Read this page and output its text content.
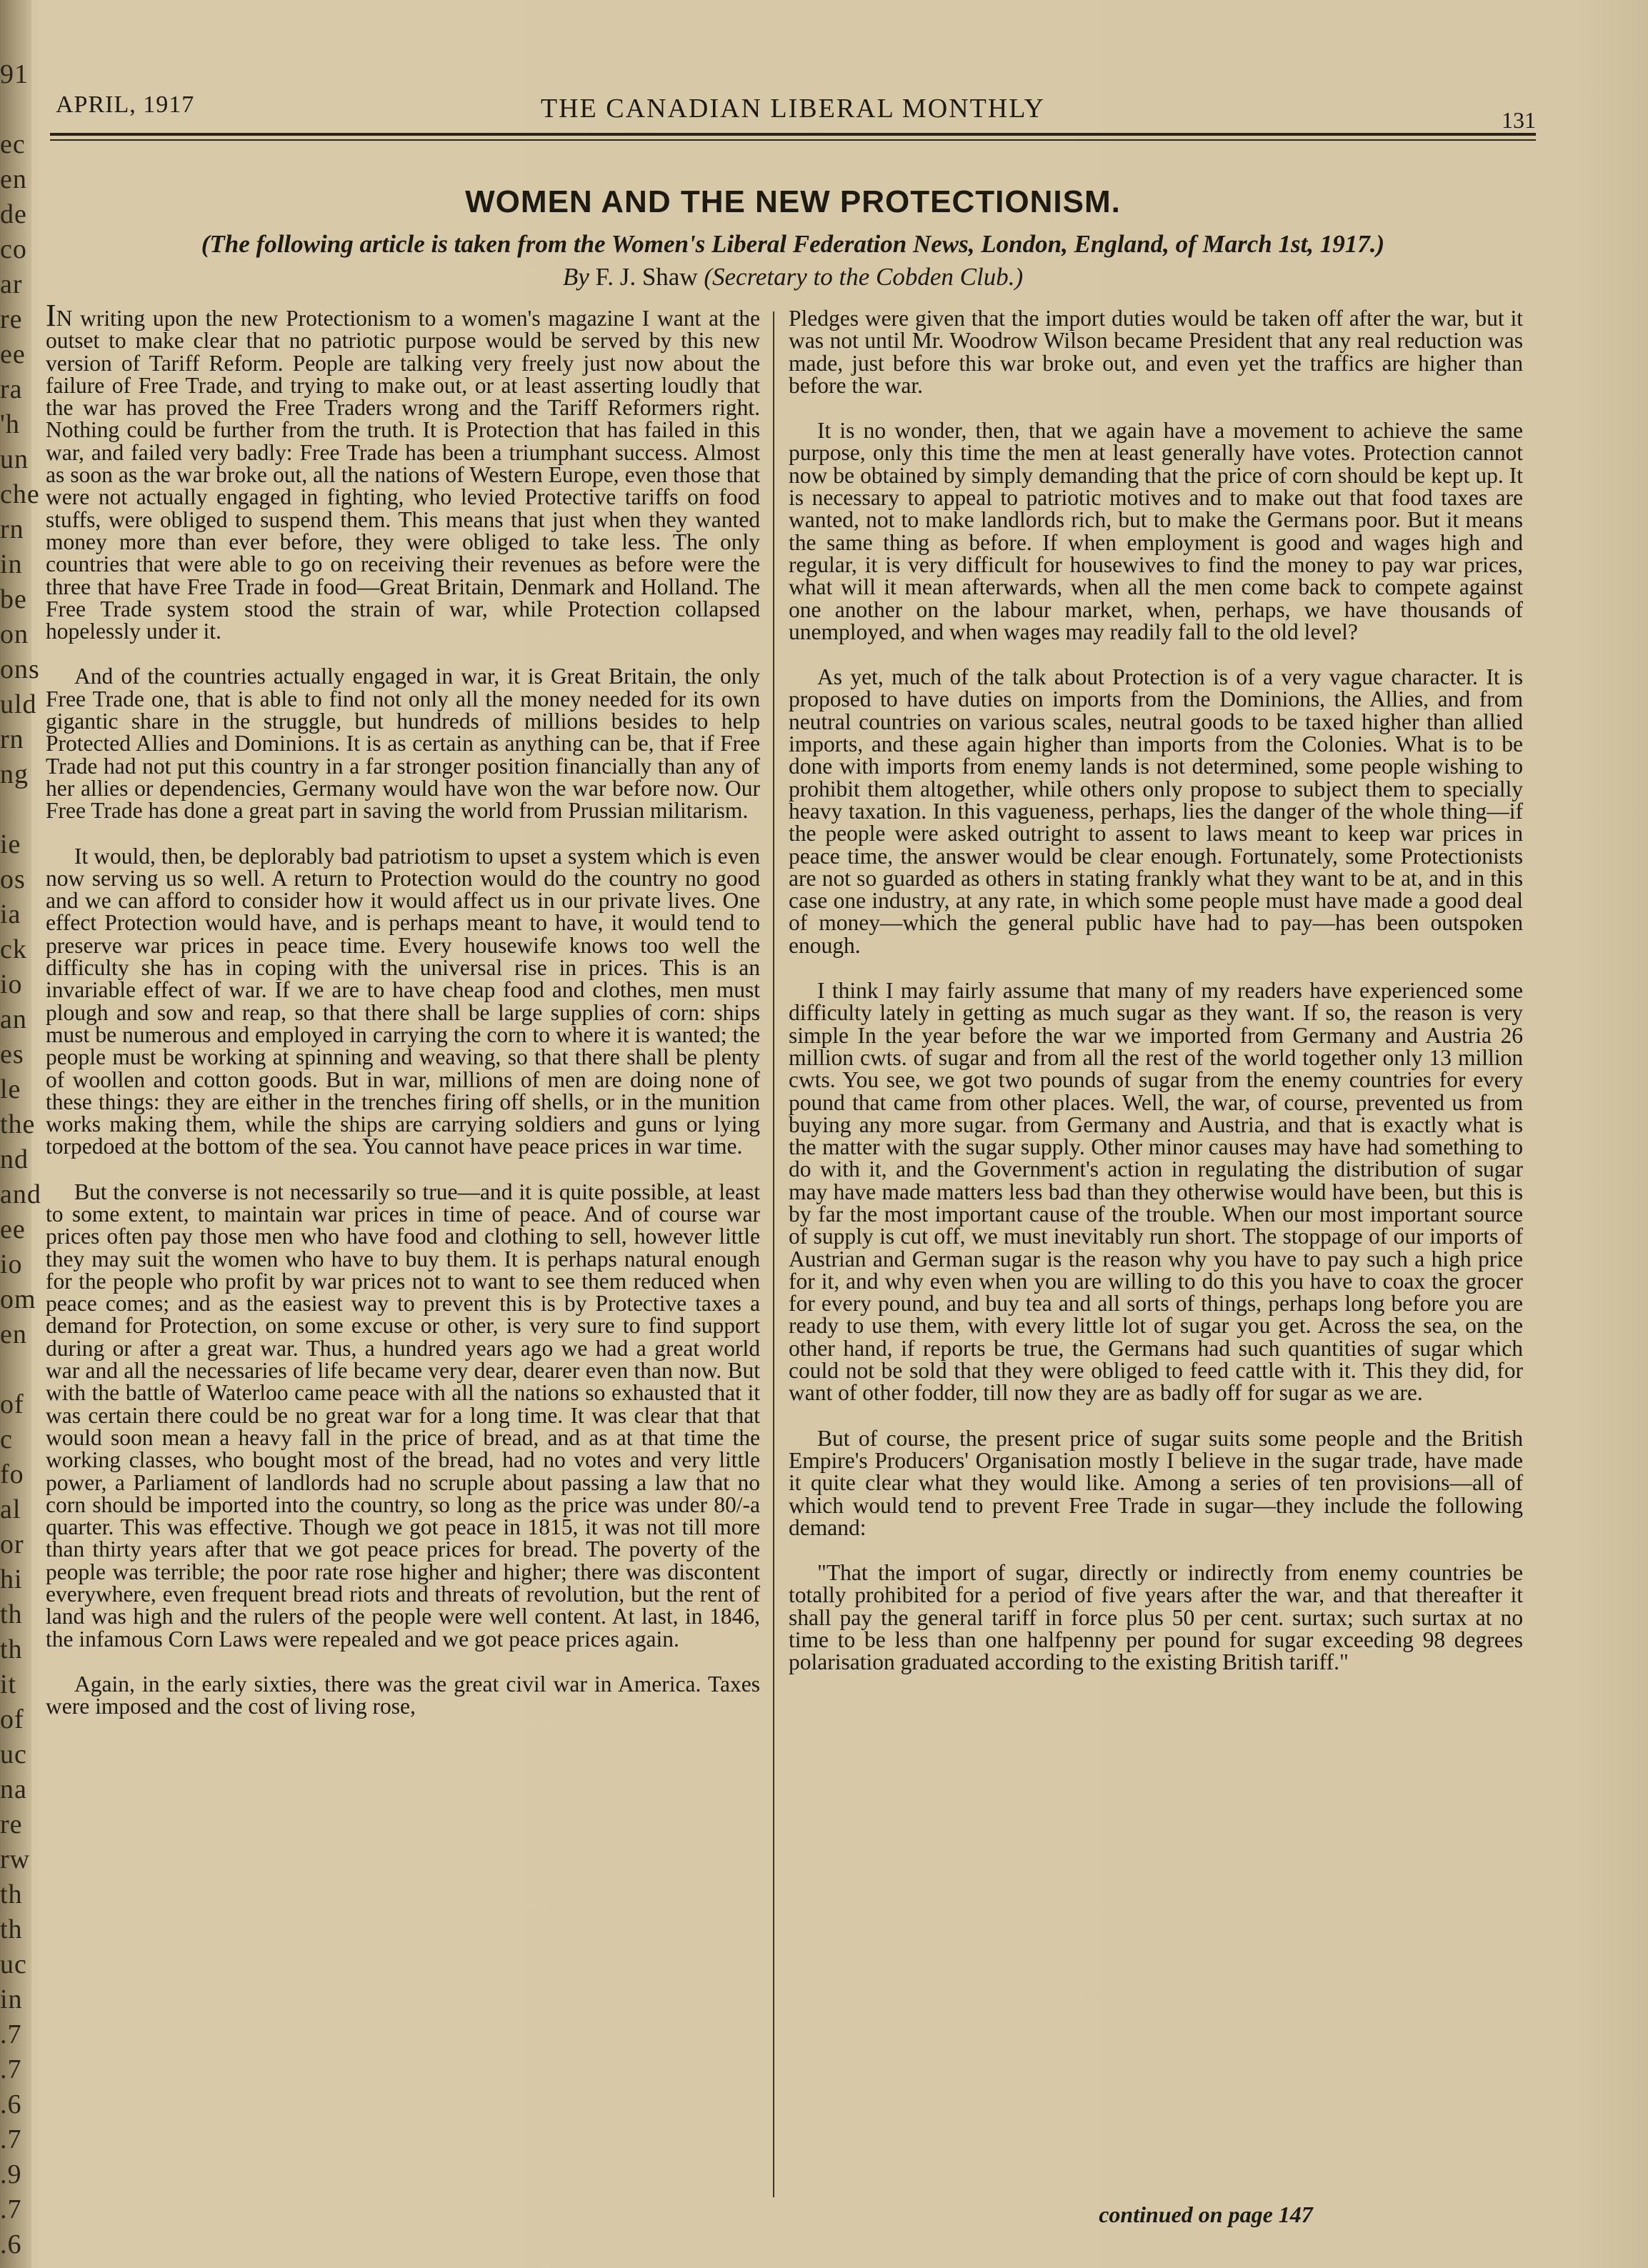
91

ec
en
de
co
ar
re
ee
ra
'h
un
che
rn
in
be
on
ons
uld
rn
ng

ie
os
ia
ck
io
an
es
le
the
nd
and
ee
io
om
en

of
c
fo
al
or
hi
th
th
it
of
uc
na
re
rw
th
th
uc
in
.7
.7
.6
.7
.9
.7
.6
APRIL, 1917	THE CANADIAN LIBERAL MONTHLY	131
WOMEN AND THE NEW PROTECTIONISM.
(The following article is taken from the Women's Liberal Federation News, London, England, of March 1st, 1917.)
By F. J. Shaw (Secretary to the Cobden Club.)

IN writing upon the new Protectionism to a women's magazine I want at the outset to make clear that no patriotic purpose would be served by this new version of Tariff Reform. People are talking very freely just now about the failure of Free Trade, and trying to make out, or at least asserting loudly that the war has proved the Free Traders wrong and the Tariff Reformers right. Nothing could be further from the truth. It is Protection that has failed in this war, and failed very badly: Free Trade has been a triumphant success. Almost as soon as the war broke out, all the nations of Western Europe, even those that were not actually engaged in fighting, who levied Protective tariffs on food stuffs, were obliged to suspend them. This means that just when they wanted money more than ever before, they were obliged to take less. The only countries that were able to go on receiving their revenues as before were the three that have Free Trade in food—Great Britain, Denmark and Holland. The Free Trade system stood the strain of war, while Protection collapsed hopelessly under it.

And of the countries actually engaged in war, it is Great Britain, the only Free Trade one, that is able to find not only all the money needed for its own gigantic share in the struggle, but hundreds of millions besides to help Protected Allies and Dominions. It is as certain as anything can be, that if Free Trade had not put this country in a far stronger position financially than any of her allies or dependencies, Germany would have won the war before now. Our Free Trade has done a great part in saving the world from Prussian militarism.

It would, then, be deplorably bad patriotism to upset a system which is even now serving us so well. A return to Protection would do the country no good and we can afford to consider how it would affect us in our private lives. One effect Protection would have, and is perhaps meant to have, it would tend to preserve war prices in peace time. Every housewife knows too well the difficulty she has in coping with the universal rise in prices. This is an invariable effect of war. If we are to have cheap food and clothes, men must plough and sow and reap, so that there shall be large supplies of corn: ships must be numerous and employed in carrying the corn to where it is wanted; the people must be working at spinning and weaving, so that there shall be plenty of woollen and cotton goods. But in war, millions of men are doing none of these things: they are either in the trenches firing off shells, or in the munition works making them, while the ships are carrying soldiers and guns or lying torpedoed at the bottom of the sea. You cannot have peace prices in war time.

But the converse is not necessarily so true—and it is quite possible, at least to some extent, to maintain war prices in time of peace. And of course war prices often pay those men who have food and clothing to sell, however little they may suit the women who have to buy them. It is perhaps natural enough for the people who profit by war prices not to want to see them reduced when peace comes; and as the easiest way to prevent this is by Protective taxes a demand for Protection, on some excuse or other, is very sure to find support during or after a great war. Thus, a hundred years ago we had a great world war and all the necessaries of life became very dear, dearer even than now. But with the battle of Waterloo came peace with all the nations so exhausted that it was certain there could be no great war for a long time. It was clear that that would soon mean a heavy fall in the price of bread, and as at that time the working classes, who bought most of the bread, had no votes and very little power, a Parliament of landlords had no scruple about passing a law that no corn should be imported into the country, so long as the price was under 80/-a quarter. This was effective. Though we got peace in 1815, it was not till more than thirty years after that we got peace prices for bread. The poverty of the people was terrible; the poor rate rose higher and higher; there was discontent everywhere, even frequent bread riots and threats of revolution, but the rent of land was high and the rulers of the people were well content. At last, in 1846, the infamous Corn Laws were repealed and we got peace prices again.

Again, in the early sixties, there was the great civil war in America. Taxes were imposed and the cost of living rose,

Pledges were given that the import duties would be taken off after the war, but it was not until Mr. Woodrow Wilson became President that any real reduction was made, just before this war broke out, and even yet the traffics are higher than before the war.

It is no wonder, then, that we again have a movement to achieve the same purpose, only this time the men at least generally have votes. Protection cannot now be obtained by simply demanding that the price of corn should be kept up. It is necessary to appeal to patriotic motives and to make out that food taxes are wanted, not to make landlords rich, but to make the Germans poor. But it means the same thing as before. If when employment is good and wages high and regular, it is very difficult for housewives to find the money to pay war prices, what will it mean afterwards, when all the men come back to compete against one another on the labour market, when, perhaps, we have thousands of unemployed, and when wages may readily fall to the old level?

As yet, much of the talk about Protection is of a very vague character. It is proposed to have duties on imports from the Dominions, the Allies, and from neutral countries on various scales, neutral goods to be taxed higher than allied imports, and these again higher than imports from the Colonies. What is to be done with imports from enemy lands is not determined, some people wishing to prohibit them altogether, while others only propose to subject them to specially heavy taxation. In this vagueness, perhaps, lies the danger of the whole thing—if the people were asked outright to assent to laws meant to keep war prices in peace time, the answer would be clear enough. Fortunately, some Protectionists are not so guarded as others in stating frankly what they want to be at, and in this case one industry, at any rate, in which some people must have made a good deal of money—which the general public have had to pay—has been outspoken enough.

I think I may fairly assume that many of my readers have experienced some difficulty lately in getting as much sugar as they want. If so, the reason is very simple In the year before the war we imported from Germany and Austria 26 million cwts. of sugar and from all the rest of the world together only 13 million cwts. You see, we got two pounds of sugar from the enemy countries for every pound that came from other places. Well, the war, of course, prevented us from buying any more sugar. from Germany and Austria, and that is exactly what is the matter with the sugar supply. Other minor causes may have had something to do with it, and the Government's action in regulating the distribution of sugar may have made matters less bad than they otherwise would have been, but this is by far the most important cause of the trouble. When our most important source of supply is cut off, we must inevitably run short. The stoppage of our imports of Austrian and German sugar is the reason why you have to pay such a high price for it, and why even when you are willing to do this you have to coax the grocer for every pound, and buy tea and all sorts of things, perhaps long before you are ready to use them, with every little lot of sugar you get. Across the sea, on the other hand, if reports be true, the Germans had such quantities of sugar which could not be sold that they were obliged to feed cattle with it. This they did, for want of other fodder, till now they are as badly off for sugar as we are.

But of course, the present price of sugar suits some people and the British Empire's Producers' Organisation mostly I believe in the sugar trade, have made it quite clear what they would like. Among a series of ten provisions—all of which would tend to prevent Free Trade in sugar—they include the following demand:

"That the import of sugar, directly or indirectly from enemy countries be totally prohibited for a period of five years after the war, and that thereafter it shall pay the general tariff in force plus 50 per cent. surtax; such surtax at no time to be less than one halfpenny per pound for sugar exceeding 98 degrees polarisation graduated according to the existing British tariff."

continued on page 147
